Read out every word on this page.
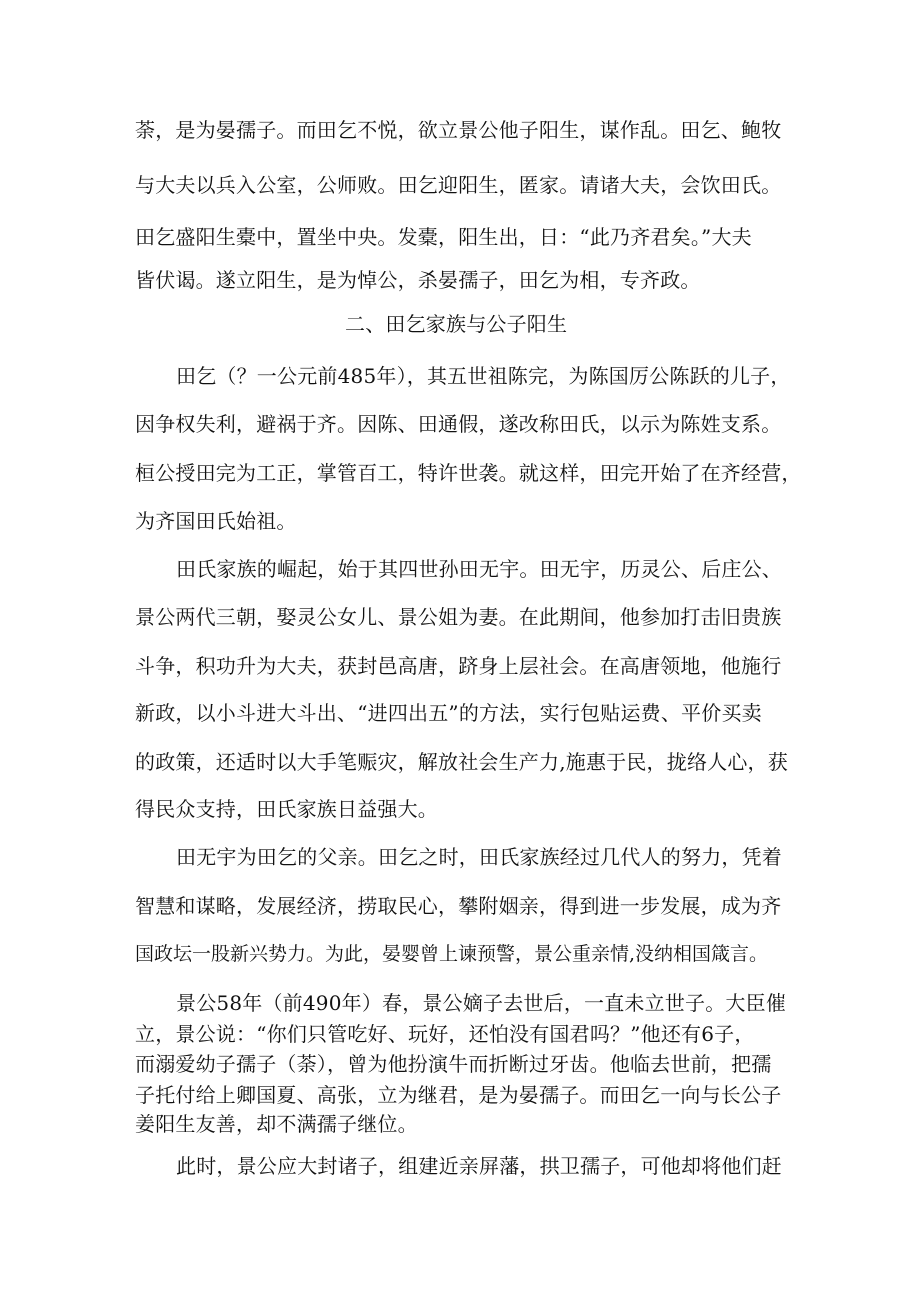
荼，是为晏孺子。而田乞不悦，欲立景公他子阳生，谋作乱。田乞、鲍牧
与大夫以兵入公室，公师败。田乞迎阳生，匿家。请诸大夫，会饮田氏。
田乞盛阳生橐中，置坐中央。发橐，阳生出，日：“此乃齐君矣。”大夫
皆伏谒。遂立阳生，是为悼公，杀晏孺子，田乞为相，专齐政。
二、田乞家族与公子阳生
田乞（？一公元前485年），其五世祖陈完，为陈国厉公陈跃的儿子，
因争权失利，避祸于齐。因陈、田通假，遂改称田氏，以示为陈姓支系。
桓公授田完为工正，掌管百工，特许世袭。就这样，田完开始了在齐经营，
为齐国田氏始祖。
田氏家族的崛起，始于其四世孙田无宇。田无宇，历灵公、后庄公、
景公两代三朝，娶灵公女儿、景公姐为妻。在此期间，他参加打击旧贵族
斗争，积功升为大夫，获封邑高唐，跻身上层社会。在高唐领地，他施行
新政，以小斗进大斗出、“进四出五”的方法，实行包贴运费、平价买卖
的政策，还适时以大手笔赈灾，解放社会生产力,施惠于民，拢络人心，获
得民众支持，田氏家族日益强大。
田无宇为田乞的父亲。田乞之时，田氏家族经过几代人的努力，凭着
智慧和谋略，发展经济，捞取民心，攀附姻亲，得到进一步发展，成为齐
国政坛一股新兴势力。为此，晏婴曾上谏预警，景公重亲情,没纳相国箴言。
景公58年（前490年）春，景公嫡子去世后，一直未立世子。大臣催
立，景公说：“你们只管吃好、玩好，还怕没有国君吗？”他还有6子，
而溺爱幼子孺子（荼），曾为他扮演牛而折断过牙齿。他临去世前，把孺
子托付给上卿国夏、高张，立为继君，是为晏孺子。而田乞一向与长公子
姜阳生友善，却不满孺子继位。
此时，景公应大封诸子，组建近亲屏藩，拱卫孺子，可他却将他们赶
